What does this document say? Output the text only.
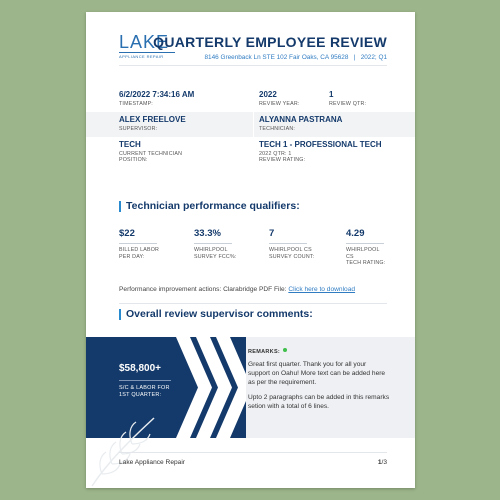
LAKE
APPLIANCE REPAIR
QUARTERLY EMPLOYEE REVIEW
8146 Greenback Ln STE 102 Fair Oaks, CA 95628 | 2022; Q1
6/2/2022 7:34:16 AM
TIMESTAMP:
2022
REVIEW YEAR:
1
REVIEW QTR:
ALEX FREELOVE
SUPERVISOR:
ALYANNA PASTRANA
TECHNICIAN:
TECH
CURRENT TECHNICIAN
POSITION:
TECH 1 - PROFESSIONAL TECH
2022 QTR: 1
REVIEW RATING:
Technician performance qualifiers:
$22
BILLED LABOR
PER DAY:
33.3%
WHIRLPOOL
SURVEY FCC%:
7
WHIRLPOOL CS
SURVEY COUNT:
4.29
WHIRLPOOL CS
TECH RATING:
Performance improvement actions: Clarabridge PDF File: Click here to download
Overall review supervisor comments:
$58,800+
S/C & LABOR FOR
1ST QUARTER:
REMARKS:
Great first quarter. Thank you for all your support on Oahu! More text can be added here as per the requirement.
Upto 2 paragraphs can be added in this remarks setion with a total of 6 lines.
Lake Appliance Repair	1/3
